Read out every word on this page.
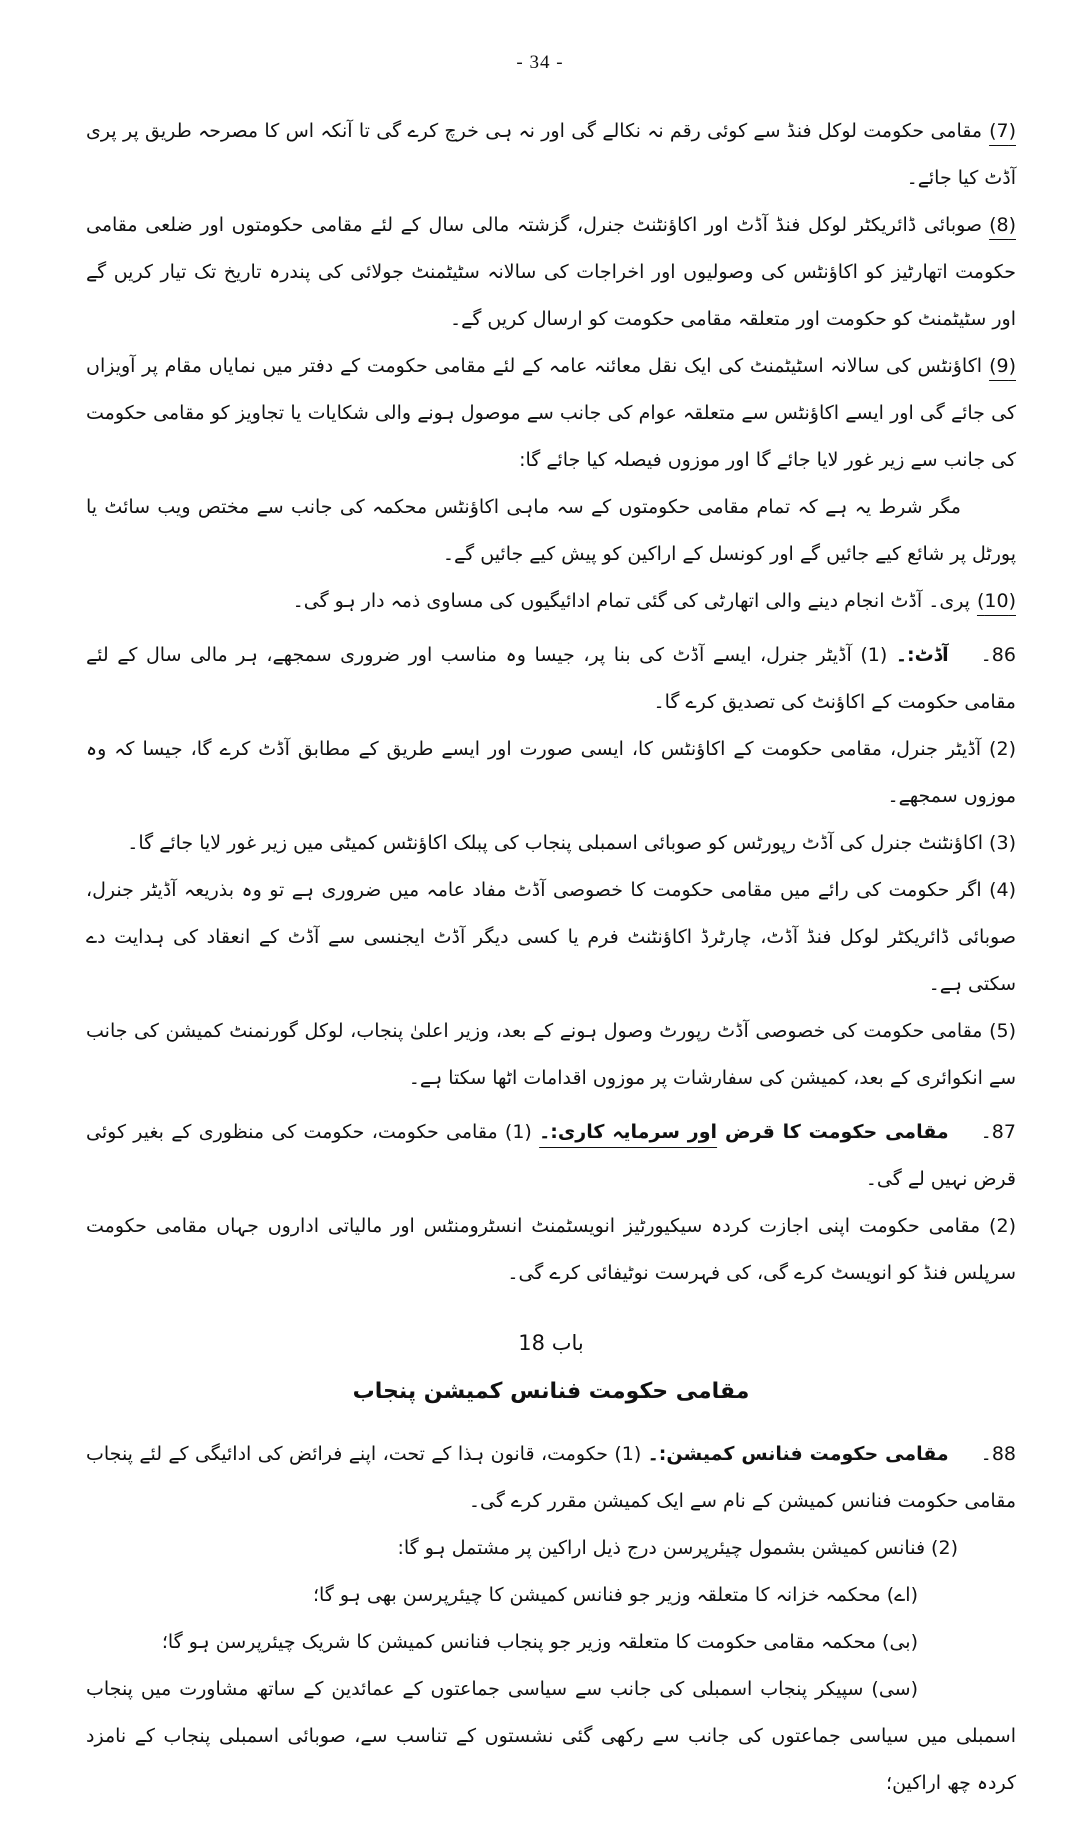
- 34 -

(7)مقامی حکومت لوکل فنڈ سے کوئی رقم نہ نکالے گی اور نہ ہی خرچ کرے گی تا آنکہ اس کا مصرحہ طریق پر پری آڈٹ کیا جائے۔

(8)صوبائی ڈائریکٹر لوکل فنڈ آڈٹ اور اکاؤنٹنٹ جنرل، گزشتہ مالی سال کے لئے مقامی حکومتوں اور ضلعی مقامی حکومت اتھارٹیز کو اکاؤنٹس کی وصولیوں اور اخراجات کی سالانہ سٹیٹمنٹ جولائی کی پندرہ تاریخ تک تیار کریں گے اور سٹیٹمنٹ کو حکومت اور متعلقہ مقامی حکومت کو ارسال کریں گے۔

(9)اکاؤنٹس کی سالانہ اسٹیٹمنٹ کی ایک نقل معائنہ عامہ کے لئے مقامی حکومت کے دفتر میں نمایاں مقام پر آویزاں کی جائے گی اور ایسے اکاؤنٹس سے متعلقہ عوام کی جانب سے موصول ہونے والی شکایات یا تجاویز کو مقامی حکومت کی جانب سے زیر غور لایا جائے گا اور موزوں فیصلہ کیا جائے گا:

مگر شرط یہ ہے کہ تمام مقامی حکومتوں کے سہ ماہی اکاؤنٹس محکمہ کی جانب سے مختص ویب سائٹ یا پورٹل پر شائع کیے جائیں گے اور کونسل کے اراکین کو پیش کیے جائیں گے۔

(10)پری۔ آڈٹ انجام دینے والی اتھارٹی کی گئی تمام ادائیگیوں کی مساوی ذمہ دار ہو گی۔

86۔آڈٹ:۔ (1) آڈیٹر جنرل، ایسے آڈٹ کی بنا پر، جیسا وہ مناسب اور ضروری سمجھے، ہر مالی سال کے لئے مقامی حکومت کے اکاؤنٹ کی تصدیق کرے گا۔

(2) آڈیٹر جنرل، مقامی حکومت کے اکاؤنٹس کا، ایسی صورت اور ایسے طریق کے مطابق آڈٹ کرے گا، جیسا کہ وہ موزوں سمجھے۔

(3) اکاؤنٹنٹ جنرل کی آڈٹ رپورٹس کو صوبائی اسمبلی پنجاب کی پبلک اکاؤنٹس کمیٹی میں زیر غور لایا جائے گا۔

(4) اگر حکومت کی رائے میں مقامی حکومت کا خصوصی آڈٹ مفاد عامہ میں ضروری ہے تو وہ بذریعہ آڈیٹر جنرل، صوبائی ڈائریکٹر لوکل فنڈ آڈٹ، چارٹرڈ اکاؤنٹنٹ فرم یا کسی دیگر آڈٹ ایجنسی سے آڈٹ کے انعقاد کی ہدایت دے سکتی ہے۔

(5) مقامی حکومت کی خصوصی آڈٹ رپورٹ وصول ہونے کے بعد، وزیر اعلیٰ پنجاب، لوکل گورنمنٹ کمیشن کی جانب سے انکوائری کے بعد، کمیشن کی سفارشات پر موزوں اقدامات اٹھا سکتا ہے۔

87۔مقامی حکومت کا قرض اور سرمایہ کاری:۔ (1) مقامی حکومت، حکومت کی منظوری کے بغیر کوئی قرض نہیں لے گی۔

(2) مقامی حکومت اپنی اجازت کردہ سیکیورٹیز انویسٹمنٹ انسٹرومنٹس اور مالیاتی اداروں جہاں مقامی حکومت سرپلس فنڈ کو انویسٹ کرے گی، کی فہرست نوٹیفائی کرے گی۔

باب 18
مقامی حکومت فنانس کمیشن پنجاب

88۔مقامی حکومت فنانس کمیشن:۔ (1) حکومت، قانون ہذا کے تحت، اپنے فرائض کی ادائیگی کے لئے پنجاب مقامی حکومت فنانس کمیشن کے نام سے ایک کمیشن مقرر کرے گی۔

(2) فنانس کمیشن بشمول چیئرپرسن درج ذیل اراکین پر مشتمل ہو گا:

(اے) محکمہ خزانہ کا متعلقہ وزیر جو فنانس کمیشن کا چیئرپرسن بھی ہو گا؛

(بی) محکمہ مقامی حکومت کا متعلقہ وزیر جو پنجاب فنانس کمیشن کا شریک چیئرپرسن ہو گا؛

(سی) سپیکر پنجاب اسمبلی کی جانب سے سیاسی جماعتوں کے عمائدین کے ساتھ مشاورت میں پنجاب اسمبلی میں سیاسی جماعتوں کی جانب سے رکھی گئی نشستوں کے تناسب سے، صوبائی اسمبلی پنجاب کے نامزد کردہ چھ اراکین؛
